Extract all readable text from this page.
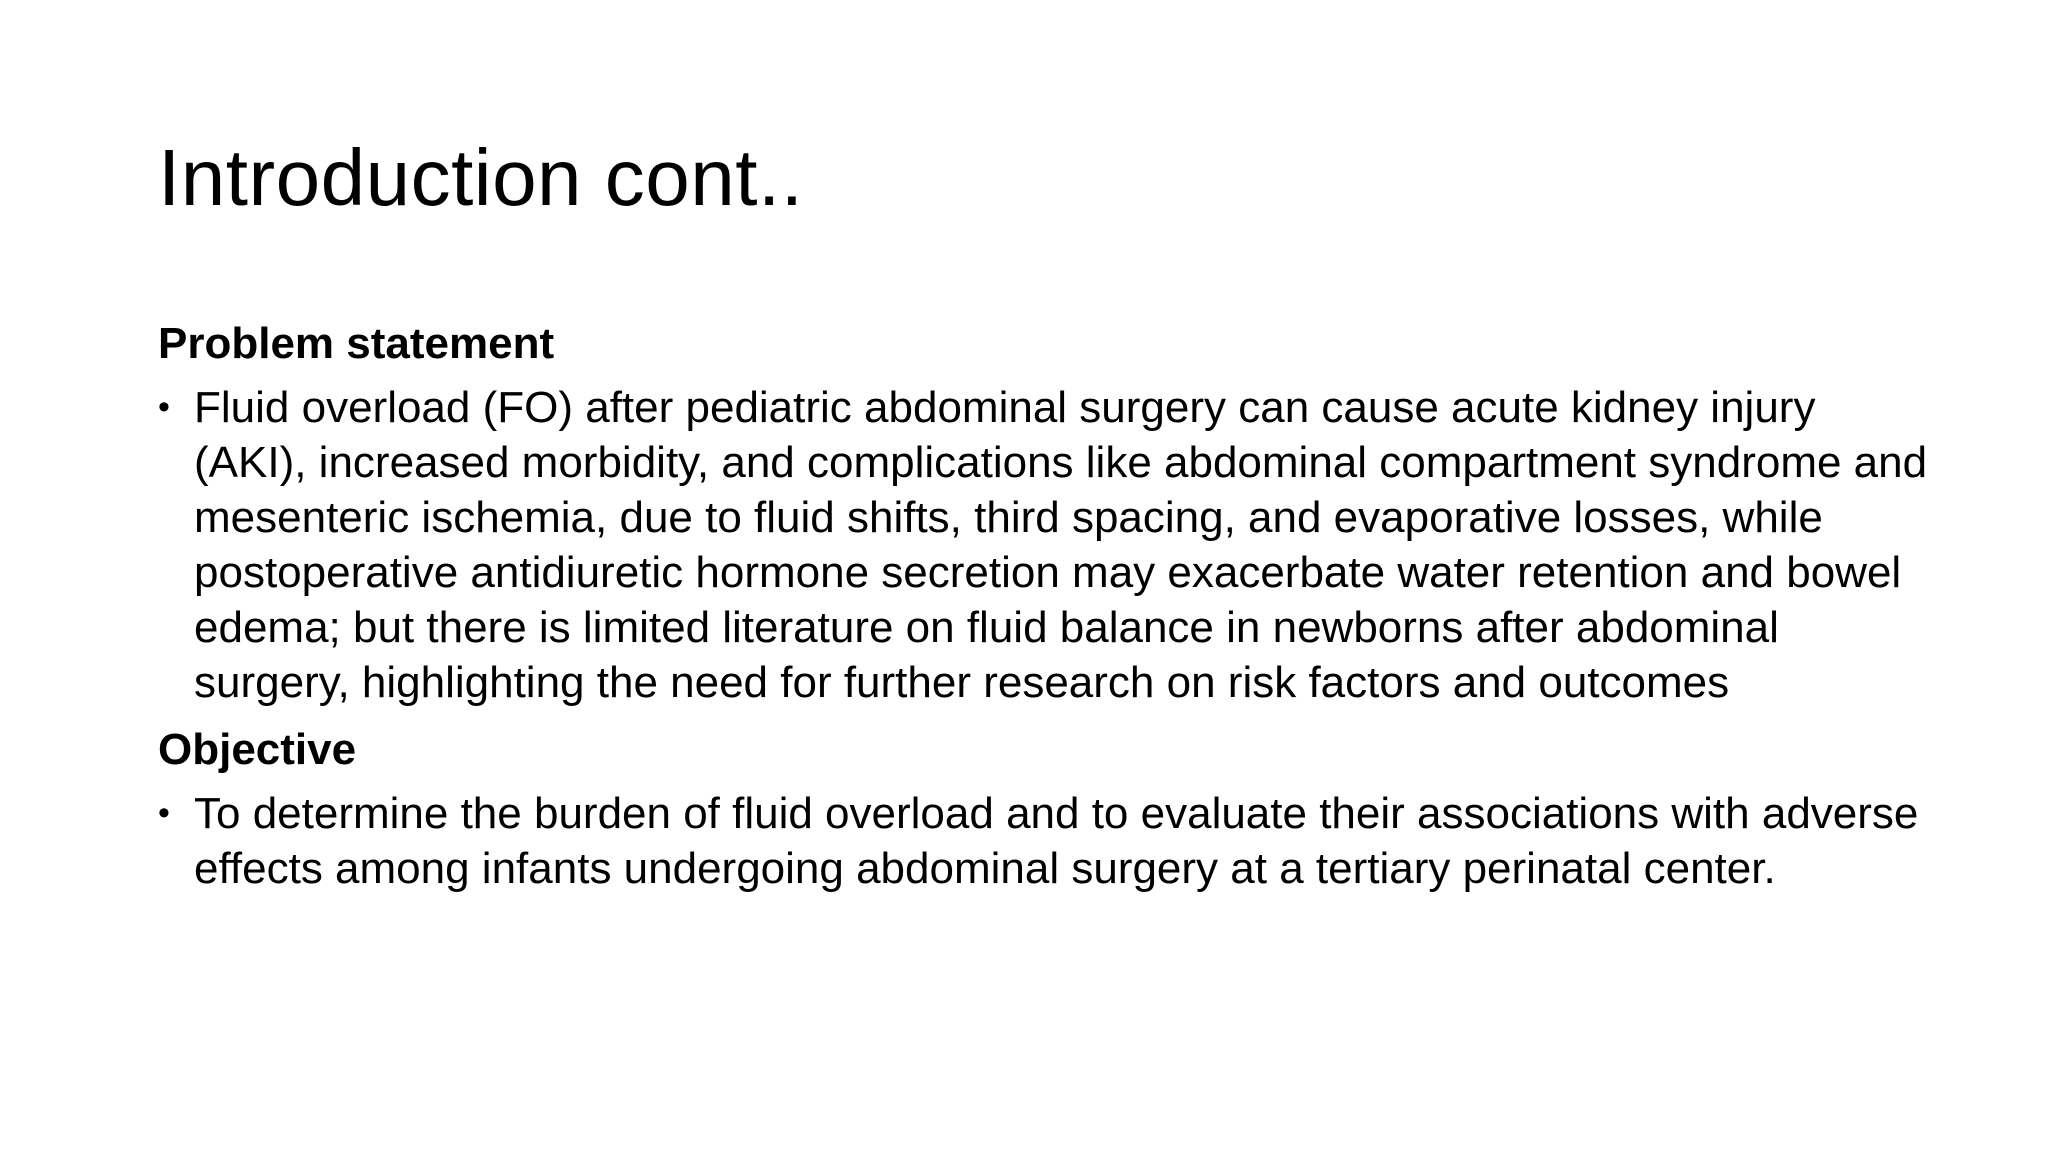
Introduction cont..
Problem statement
• Fluid overload (FO) after pediatric abdominal surgery can cause acute kidney injury (AKI), increased morbidity, and complications like abdominal compartment syndrome and mesenteric ischemia, due to fluid shifts, third spacing, and evaporative losses, while postoperative antidiuretic hormone secretion may exacerbate water retention and bowel edema; but there is limited literature on fluid balance in newborns after abdominal surgery, highlighting the need for further research on risk factors and outcomes
Objective
• To determine the burden of fluid overload and to evaluate their associations with adverse effects among infants undergoing abdominal surgery at a tertiary perinatal center.
